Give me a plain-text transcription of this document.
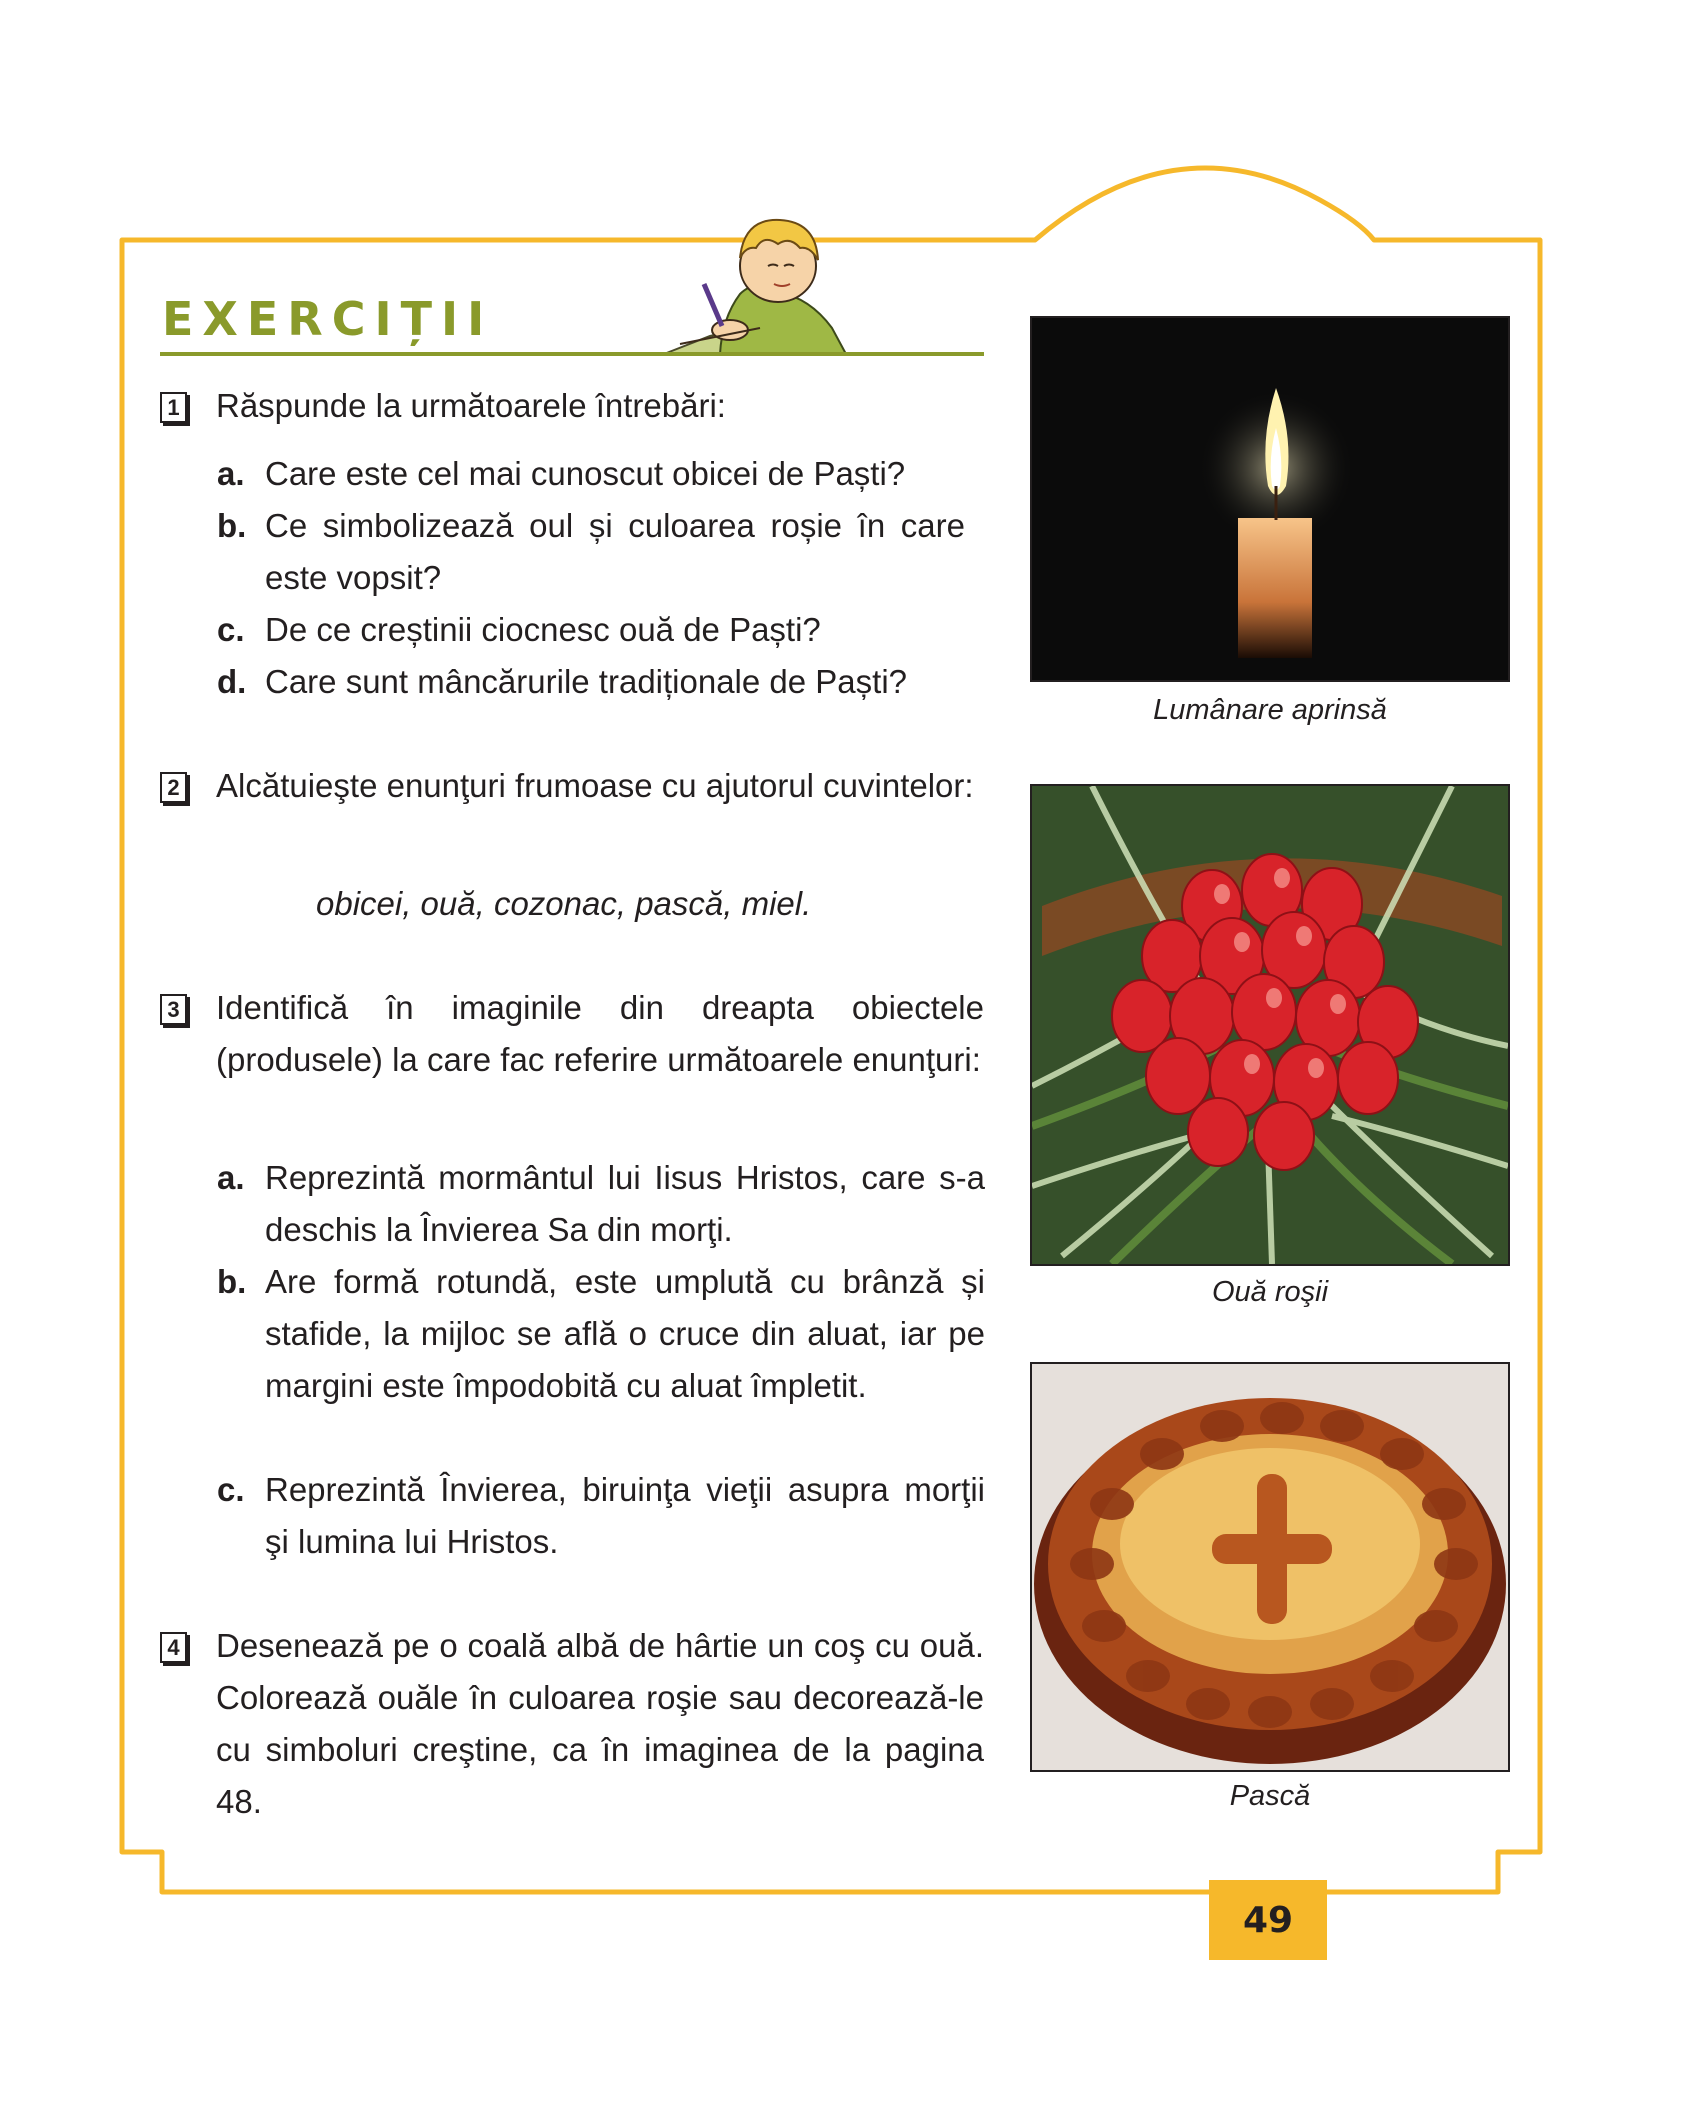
EXERCIȚII
1 Răspunde la următoarele întrebări:
a. Care este cel mai cunoscut obicei de Paști?
b. Ce simbolizează oul și culoarea roșie în care este vopsit?
c. De ce creștinii ciocnesc ouă de Paști?
d. Care sunt mâncărurile tradiționale de Paști?
2 Alcătuieşte enunţuri frumoase cu ajutorul cuvintelor:
obicei, ouă, cozonac, pască, miel.
3 Identifică în imaginile din dreapta obiectele (produsele) la care fac referire următoarele enunţuri:
a. Reprezintă mormântul lui Iisus Hristos, care s-a deschis la Învierea Sa din morţi.
b. Are formă rotundă, este umplută cu brânză și stafide, la mijloc se află o cruce din aluat, iar pe margini este împodobită cu aluat împletit.
c. Reprezintă Învierea, biruinţa vieţii asupra morţii şi lumina lui Hristos.
4 Desenează pe o coală albă de hârtie un coş cu ouă. Colorează ouăle în culoarea roşie sau decorează-le cu simboluri creştine, ca în imaginea de la pagina 48.
Lumânare aprinsă
Ouă roşii
Pască
49
